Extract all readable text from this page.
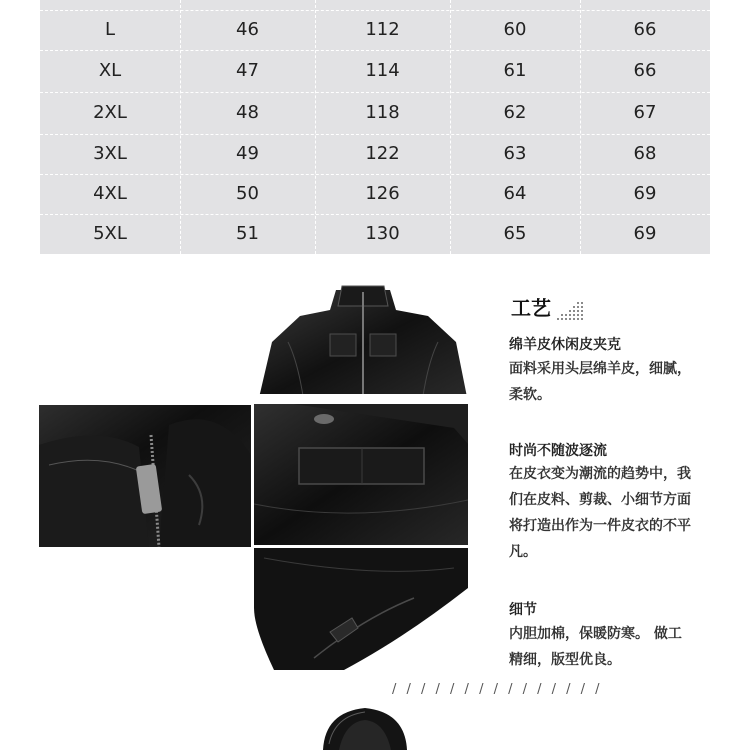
L	46	112	60	66
XL	47	114	61	66
2XL	48	118	62	67
3XL	49	122	63	68
4XL	50	126	64	69
5XL	51	130	65	69
工艺
绵羊皮休闲皮夹克
面料采用头层绵羊皮，细腻，
柔软。
时尚不随波逐流
在皮衣变为潮流的趋势中，我
们在皮料、剪裁、小细节方面
将打造出作为一件皮衣的不平
凡。
细节
内胆加棉，保暖防寒。 做工
精细，版型优良。
/ / / / / / / / / / / / / / /
